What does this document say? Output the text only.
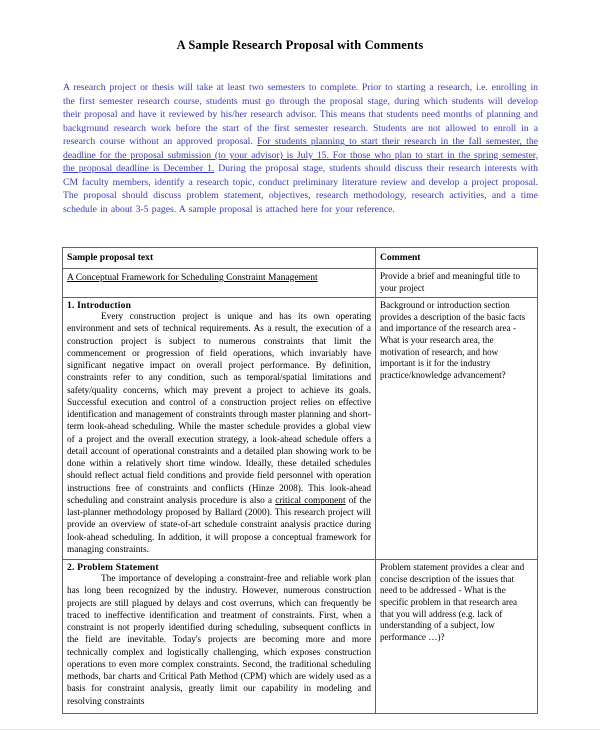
A Sample Research Proposal with Comments

A research project or thesis will take at least two semesters to complete. Prior to starting a research, i.e. enrolling in the first semester research course, students must go through the proposal stage, during which students will develop their proposal and have it reviewed by his/her research advisor. This means that students need months of planning and background research work before the start of the first semester research. Students are not allowed to enroll in a research course without an approved proposal. For students planning to start their research in the fall semester, the deadline for the proposal submission (to your advisor) is July 15. For those who plan to start in the spring semester, the proposal deadline is December 1. During the proposal stage, students should discuss their research interests with CM faculty members, identify a research topic, conduct preliminary literature review and develop a project proposal. The proposal should discuss problem statement, objectives, research methodology, research activities, and a time schedule in about 3-5 pages. A sample proposal is attached here for your reference.

Sample proposal text	Comment
A Conceptual Framework for Scheduling Constraint Management	Provide a brief and meaningful title to your project

1. Introduction

Every construction project is unique and has its own operating environment and sets of technical requirements. As a result, the execution of a construction project is subject to numerous constraints that limit the commencement or progression of field operations, which invariably have significant negative impact on overall project performance. By definition, constraints refer to any condition, such as temporal/spatial limitations and safety/quality concerns, which may prevent a project to achieve its goals. Successful execution and control of a construction project relies on effective identification and management of constraints through master planning and short-term look-ahead scheduling. While the master schedule provides a global view of a project and the overall execution strategy, a look-ahead schedule offers a detail account of operational constraints and a detailed plan showing work to be done within a relatively short time window. Ideally, these detailed schedules should reflect actual field conditions and provide field personnel with operation instructions free of constraints and conflicts (Hinze 2008). This look-ahead scheduling and constraint analysis procedure is also a critical component of the last-planner methodology proposed by Ballard (2000). This research project will provide an overview of state-of-art schedule constraint analysis practice during look-ahead scheduling. In addition, it will propose a conceptual framework for managing constraints.

	Background or introduction section provides a description of the basic facts and importance of the research area - What is your research area, the motivation of research, and how important is it for the industry practice/knowledge advancement?

2. Problem Statement

The importance of developing a constraint-free and reliable work plan has long been recognized by the industry. However, numerous construction projects are still plagued by delays and cost overruns, which can frequently be traced to ineffective identification and treatment of constraints. First, when a constraint is not properly identified during scheduling, subsequent conflicts in the field are inevitable. Today's projects are becoming more and more technically complex and logistically challenging, which exposes construction operations to even more complex constraints. Second, the traditional scheduling methods, bar charts and Critical Path Method (CPM) which are widely used as a basis for constraint analysis, greatly limit our capability in modeling and resolving constraints

	Problem statement provides a clear and concise description of the issues that need to be addressed - What is the specific problem in that research area that you will address (e.g. lack of understanding of a subject, low performance …)?
